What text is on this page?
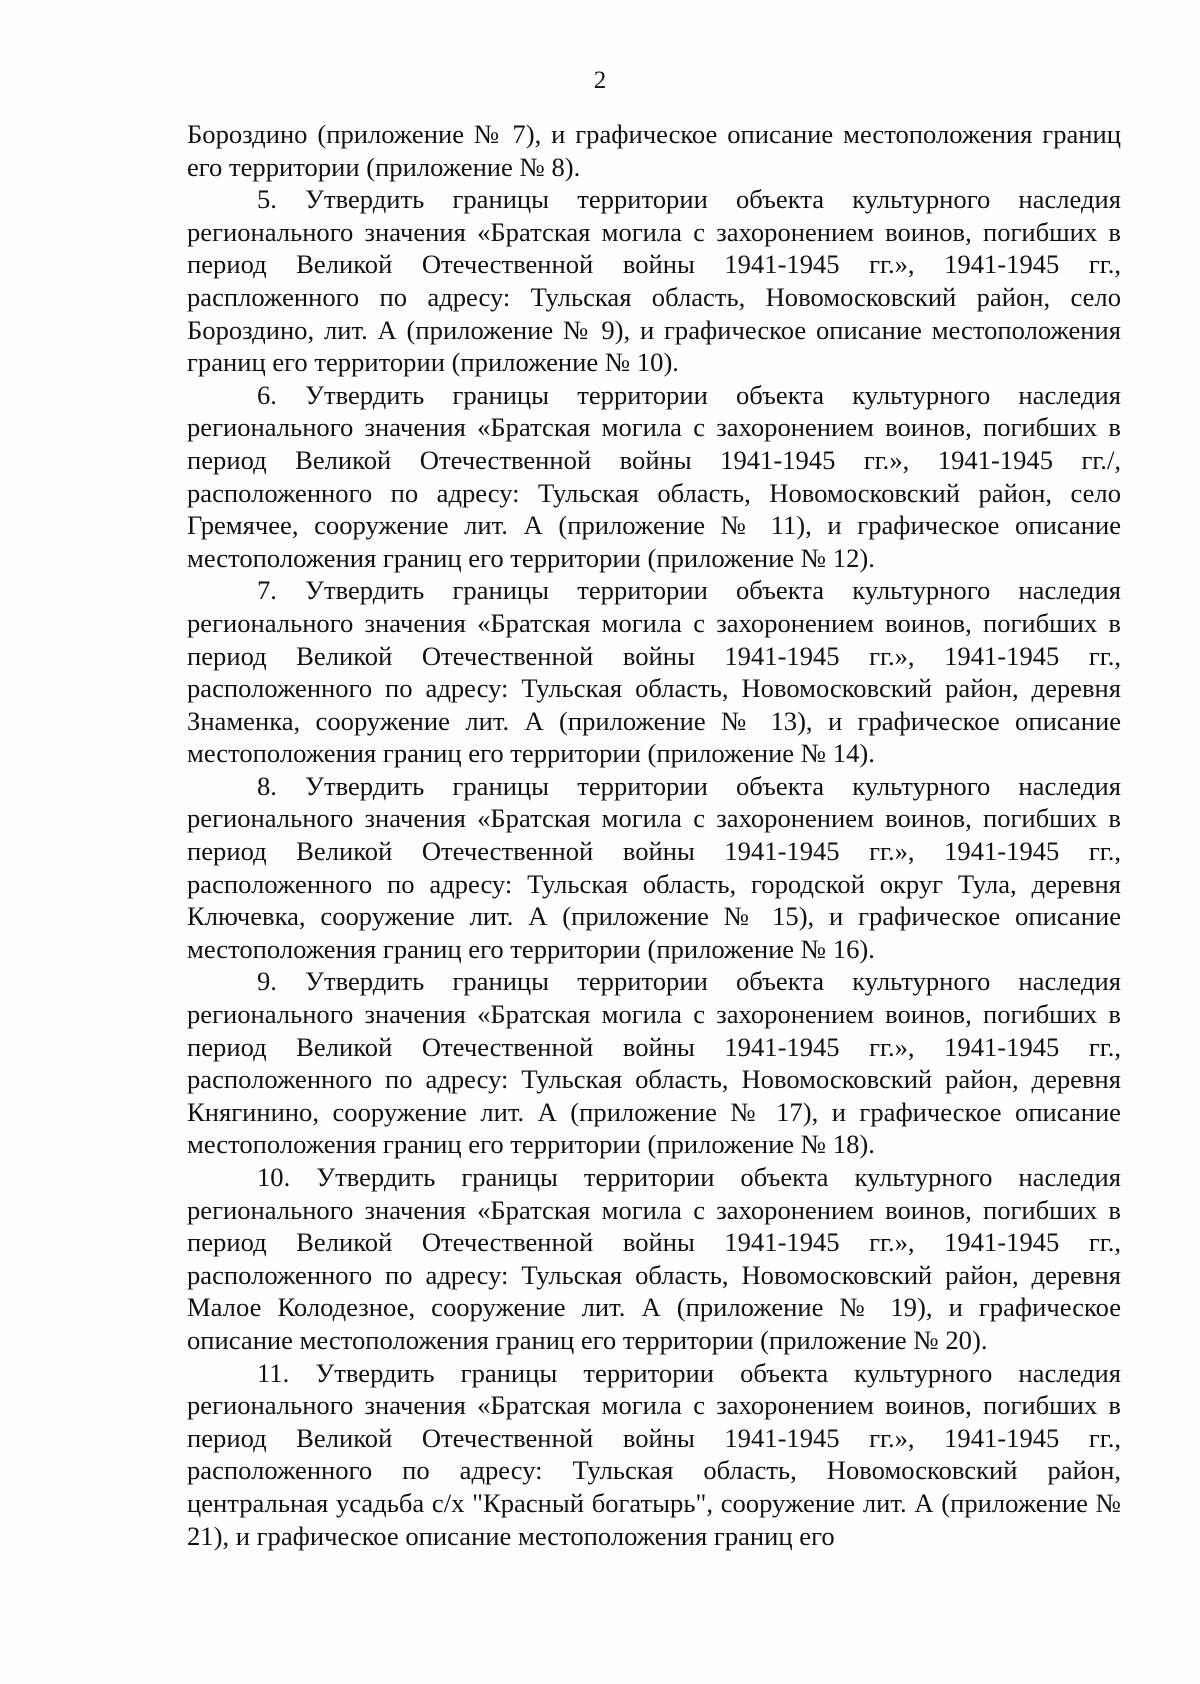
2

Бороздино (приложение № 7), и графическое описание местоположения границ его территории (приложение № 8).

5. Утвердить границы территории объекта культурного наследия регионального значения «Братская могила с захоронением воинов, погибших в период Великой Отечественной войны 1941-1945 гг.», 1941-1945 гг., распложенного по адресу: Тульская область, Новомосковский район, село Бороздино, лит. А (приложение № 9), и графическое описание местоположения границ его территории (приложение № 10).

6. Утвердить границы территории объекта культурного наследия регионального значения «Братская могила с захоронением воинов, погибших в период Великой Отечественной войны 1941-1945 гг.», 1941-1945 гг./, расположенного по адресу: Тульская область, Новомосковский район, село Гремячее, сооружение лит. А (приложение № 11), и графическое описание местоположения границ его территории (приложение № 12).

7. Утвердить границы территории объекта культурного наследия регионального значения «Братская могила с захоронением воинов, погибших в период Великой Отечественной войны 1941-1945 гг.», 1941-1945 гг., расположенного по адресу: Тульская область, Новомосковский район, деревня Знаменка, сооружение лит. А (приложение № 13), и графическое описание местоположения границ его территории (приложение № 14).

8. Утвердить границы территории объекта культурного наследия регионального значения «Братская могила с захоронением воинов, погибших в период Великой Отечественной войны 1941-1945 гг.», 1941-1945 гг., расположенного по адресу: Тульская область, городской округ Тула, деревня Ключевка, сооружение лит. А (приложение № 15), и графическое описание местоположения границ его территории (приложение № 16).

9. Утвердить границы территории объекта культурного наследия регионального значения «Братская могила с захоронением воинов, погибших в период Великой Отечественной войны 1941-1945 гг.», 1941-1945 гг., расположенного по адресу: Тульская область, Новомосковский район, деревня Княгинино, сооружение лит. А (приложение № 17), и графическое описание местоположения границ его территории (приложение № 18).

10. Утвердить границы территории объекта культурного наследия регионального значения «Братская могила с захоронением воинов, погибших в период Великой Отечественной войны 1941-1945 гг.», 1941-1945 гг., расположенного по адресу: Тульская область, Новомосковский район, деревня Малое Колодезное, сооружение лит. А (приложение № 19), и графическое описание местоположения границ его территории (приложение № 20).

11. Утвердить границы территории объекта культурного наследия регионального значения «Братская могила с захоронением воинов, погибших в период Великой Отечественной войны 1941-1945 гг.», 1941-1945 гг., расположенного по адресу: Тульская область, Новомосковский район, центральная усадьба с/х "Красный богатырь", сооружение лит. А (приложение № 21), и графическое описание местоположения границ его
